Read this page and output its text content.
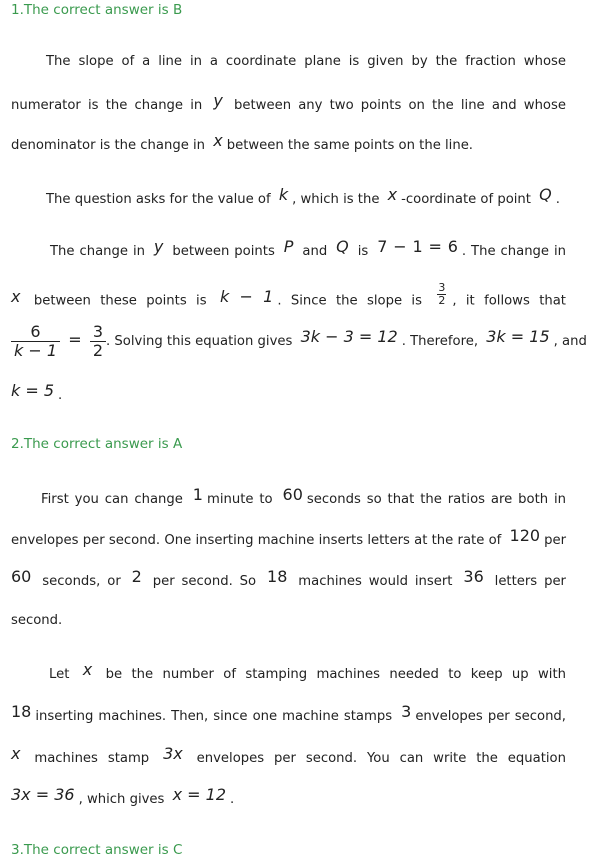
1.The correct answer is B
The slope of a line in a coordinate plane is given by the fraction whose
numerator is the change in y between any two points on the line and whose
denominator is the change in x between the same points on the line.
The question asks for the value of k , which is the x -coordinate of point Q .
The change in y between points P and Q is 7 − 1 = 6 . The change in
x between these points is k − 1 . Since the slope is $\frac{3}{2}$ , it follows that
$\frac{6}{k - 1} = \frac{3}{2}$ . Solving this equation gives 3k − 3 = 12 . Therefore, 3k = 15 , and
k = 5 .
2.The correct answer is A
First you can change 1 minute to 60 seconds so that the ratios are both in
envelopes per second. One inserting machine inserts letters at the rate of 120 per
60 seconds, or 2 per second. So 18 machines would insert 36 letters per
second.
Let x be the number of stamping machines needed to keep up with
18 inserting machines. Then, since one machine stamps 3 envelopes per second,
x machines stamp 3x envelopes per second. You can write the equation
3x = 36 , which gives x = 12 .
3.The correct answer is C
